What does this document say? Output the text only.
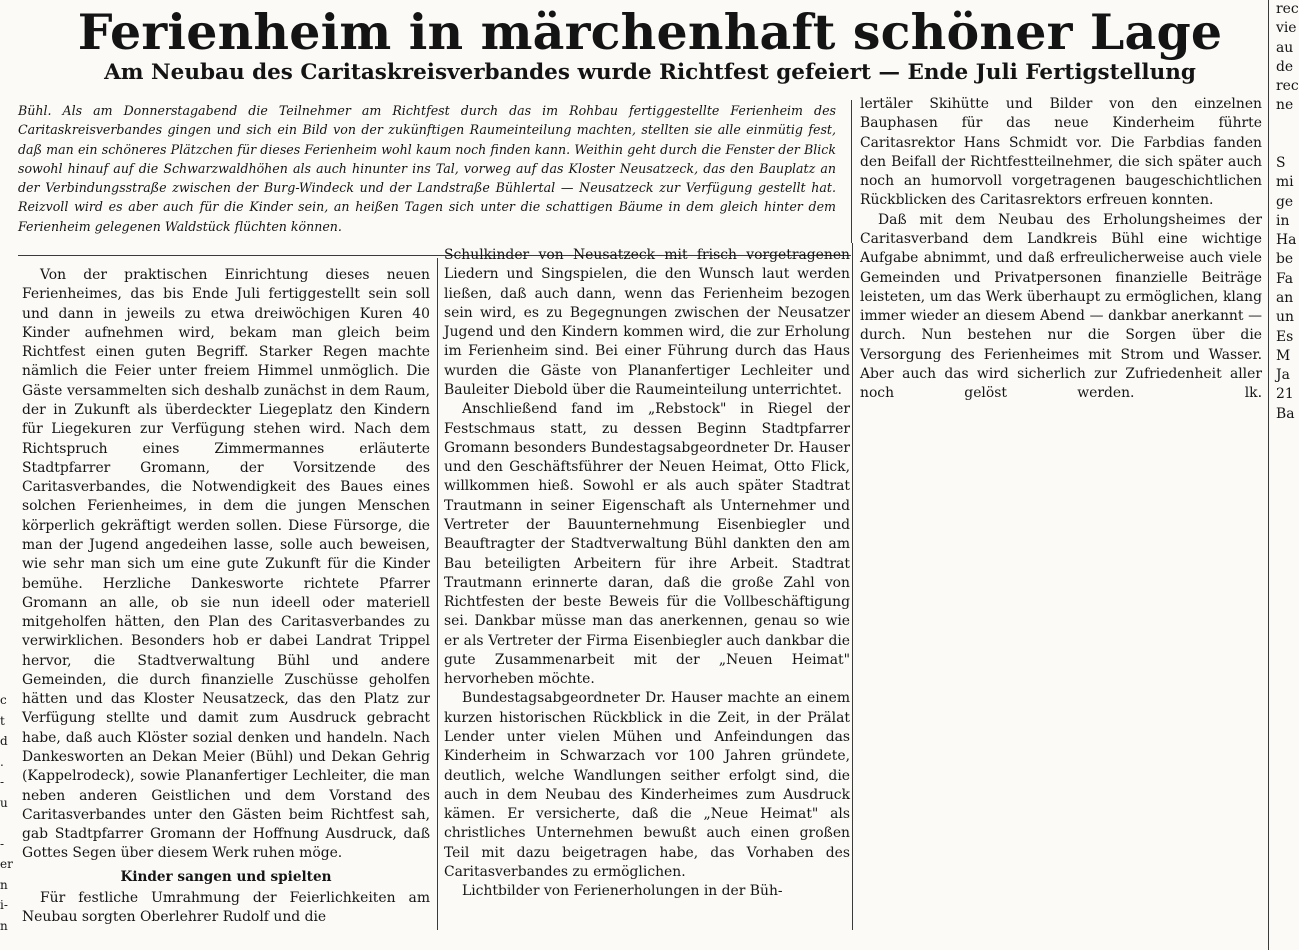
Ferienheim in märchenhaft schöner Lage
Am Neubau des Caritaskreisverbandes wurde Richtfest gefeiert — Ende Juli Fertigstellung

Bühl. Als am Donnerstagabend die Teilnehmer am Richtfest durch das im Rohbau fertiggestellte Ferienheim des Caritaskreisverbandes gingen und sich ein Bild von der zukünftigen Raumeinteilung machten, stellten sie alle einmütig fest, daß man ein schöneres Plätzchen für dieses Ferienheim wohl kaum noch finden kann. Weithin geht durch die Fenster der Blick sowohl hinauf auf die Schwarzwaldhöhen als auch hinunter ins Tal, vorweg auf das Kloster Neusatzeck, das den Bauplatz an der Verbindungsstraße zwischen der Burg-Windeck und der Landstraße Bühlertal — Neusatzeck zur Verfügung gestellt hat. Reizvoll wird es aber auch für die Kinder sein, an heißen Tagen sich unter die schattigen Bäume in dem gleich hinter dem Ferienheim gelegenen Waldstück flüchten können.

Von der praktischen Einrichtung dieses neuen Ferienheimes, das bis Ende Juli fertiggestellt sein soll und dann in jeweils zu etwa dreiwöchigen Kuren 40 Kinder aufnehmen wird, bekam man gleich beim Richtfest einen guten Begriff. Starker Regen machte nämlich die Feier unter freiem Himmel unmöglich. Die Gäste versammelten sich deshalb zunächst in dem Raum, der in Zukunft als überdeckter Liegeplatz den Kindern für Liegekuren zur Verfügung stehen wird. Nach dem Richtspruch eines Zimmermannes erläuterte Stadtpfarrer Gromann, der Vorsitzende des Caritasverbandes, die Notwendigkeit des Baues eines solchen Ferienheimes, in dem die jungen Menschen körperlich gekräftigt werden sollen. Diese Fürsorge, die man der Jugend angedeihen lasse, solle auch beweisen, wie sehr man sich um eine gute Zukunft für die Kinder bemühe. Herzliche Dankesworte richtete Pfarrer Gromann an alle, ob sie nun ideell oder materiell mitgeholfen hätten, den Plan des Caritasverbandes zu verwirklichen. Besonders hob er dabei Landrat Trippel hervor, die Stadtverwaltung Bühl und andere Gemeinden, die durch finanzielle Zuschüsse geholfen hätten und das Kloster Neusatzeck, das den Platz zur Verfügung stellte und damit zum Ausdruck gebracht habe, daß auch Klöster sozial denken und handeln. Nach Dankesworten an Dekan Meier (Bühl) und Dekan Gehrig (Kappelrodeck), sowie Plananfertiger Lechleiter, die man neben anderen Geistlichen und dem Vorstand des Caritasverbandes unter den Gästen beim Richtfest sah, gab Stadtpfarrer Gromann der Hoffnung Ausdruck, daß Gottes Segen über diesem Werk ruhen möge.

Kinder sangen und spielten

Für festliche Umrahmung der Feierlichkeiten am Neubau sorgten Oberlehrer Rudolf und die

Schulkinder von Neusatzeck mit frisch vorgetragenen Liedern und Singspielen, die den Wunsch laut werden ließen, daß auch dann, wenn das Ferienheim bezogen sein wird, es zu Begegnungen zwischen der Neusatzer Jugend und den Kindern kommen wird, die zur Erholung im Ferienheim sind. Bei einer Führung durch das Haus wurden die Gäste von Plananfertiger Lechleiter und Bauleiter Diebold über die Raumeinteilung unterrichtet.

Anschließend fand im „Rebstock" in Riegel der Festschmaus statt, zu dessen Beginn Stadtpfarrer Gromann besonders Bundestagsabgeordneter Dr. Hauser und den Geschäftsführer der Neuen Heimat, Otto Flick, willkommen hieß. Sowohl er als auch später Stadtrat Trautmann in seiner Eigenschaft als Unternehmer und Vertreter der Bauunternehmung Eisenbiegler und Beauftragter der Stadtverwaltung Bühl dankten den am Bau beteiligten Arbeitern für ihre Arbeit. Stadtrat Trautmann erinnerte daran, daß die große Zahl von Richtfesten der beste Beweis für die Vollbeschäftigung sei. Dankbar müsse man das anerkennen, genau so wie er als Vertreter der Firma Eisenbiegler auch dankbar die gute Zusammenarbeit mit der „Neuen Heimat" hervorheben möchte.

Bundestagsabgeordneter Dr. Hauser machte an einem kurzen historischen Rückblick in die Zeit, in der Prälat Lender unter vielen Mühen und Anfeindungen das Kinderheim in Schwarzach vor 100 Jahren gründete, deutlich, welche Wandlungen seither erfolgt sind, die auch in dem Neubau des Kinderheimes zum Ausdruck kämen. Er versicherte, daß die „Neue Heimat" als christliches Unternehmen bewußt auch einen großen Teil mit dazu beigetragen habe, das Vorhaben des Caritasverbandes zu ermöglichen.

Lichtbilder von Ferienerholungen in der Büh-

lertäler Skihütte und Bilder von den einzelnen Bauphasen für das neue Kinderheim führte Caritasrektor Hans Schmidt vor. Die Farbdias fanden den Beifall der Richtfestteilnehmer, die sich später auch noch an humorvoll vorgetragenen baugeschichtlichen Rückblicken des Caritasrektors erfreuen konnten.

Daß mit dem Neubau des Erholungsheimes der Caritasverband dem Landkreis Bühl eine wichtige Aufgabe abnimmt, und daß erfreulicherweise auch viele Gemeinden und Privatpersonen finanzielle Beiträge leisteten, um das Werk überhaupt zu ermöglichen, klang immer wieder an diesem Abend — dankbar anerkannt — durch. Nun bestehen nur die Sorgen über die Versorgung des Ferienheimes mit Strom und Wasser. Aber auch das wird sicherlich zur Zufriedenheit aller noch gelöst werden.	lk.

rec
vie
au
de
rec
ne
S
mi
ge
in
Ha
be
Fa
an
un
Es
M
Ja
21
Ba
c
t
d
.
-
u
-
er
n
i-
n
